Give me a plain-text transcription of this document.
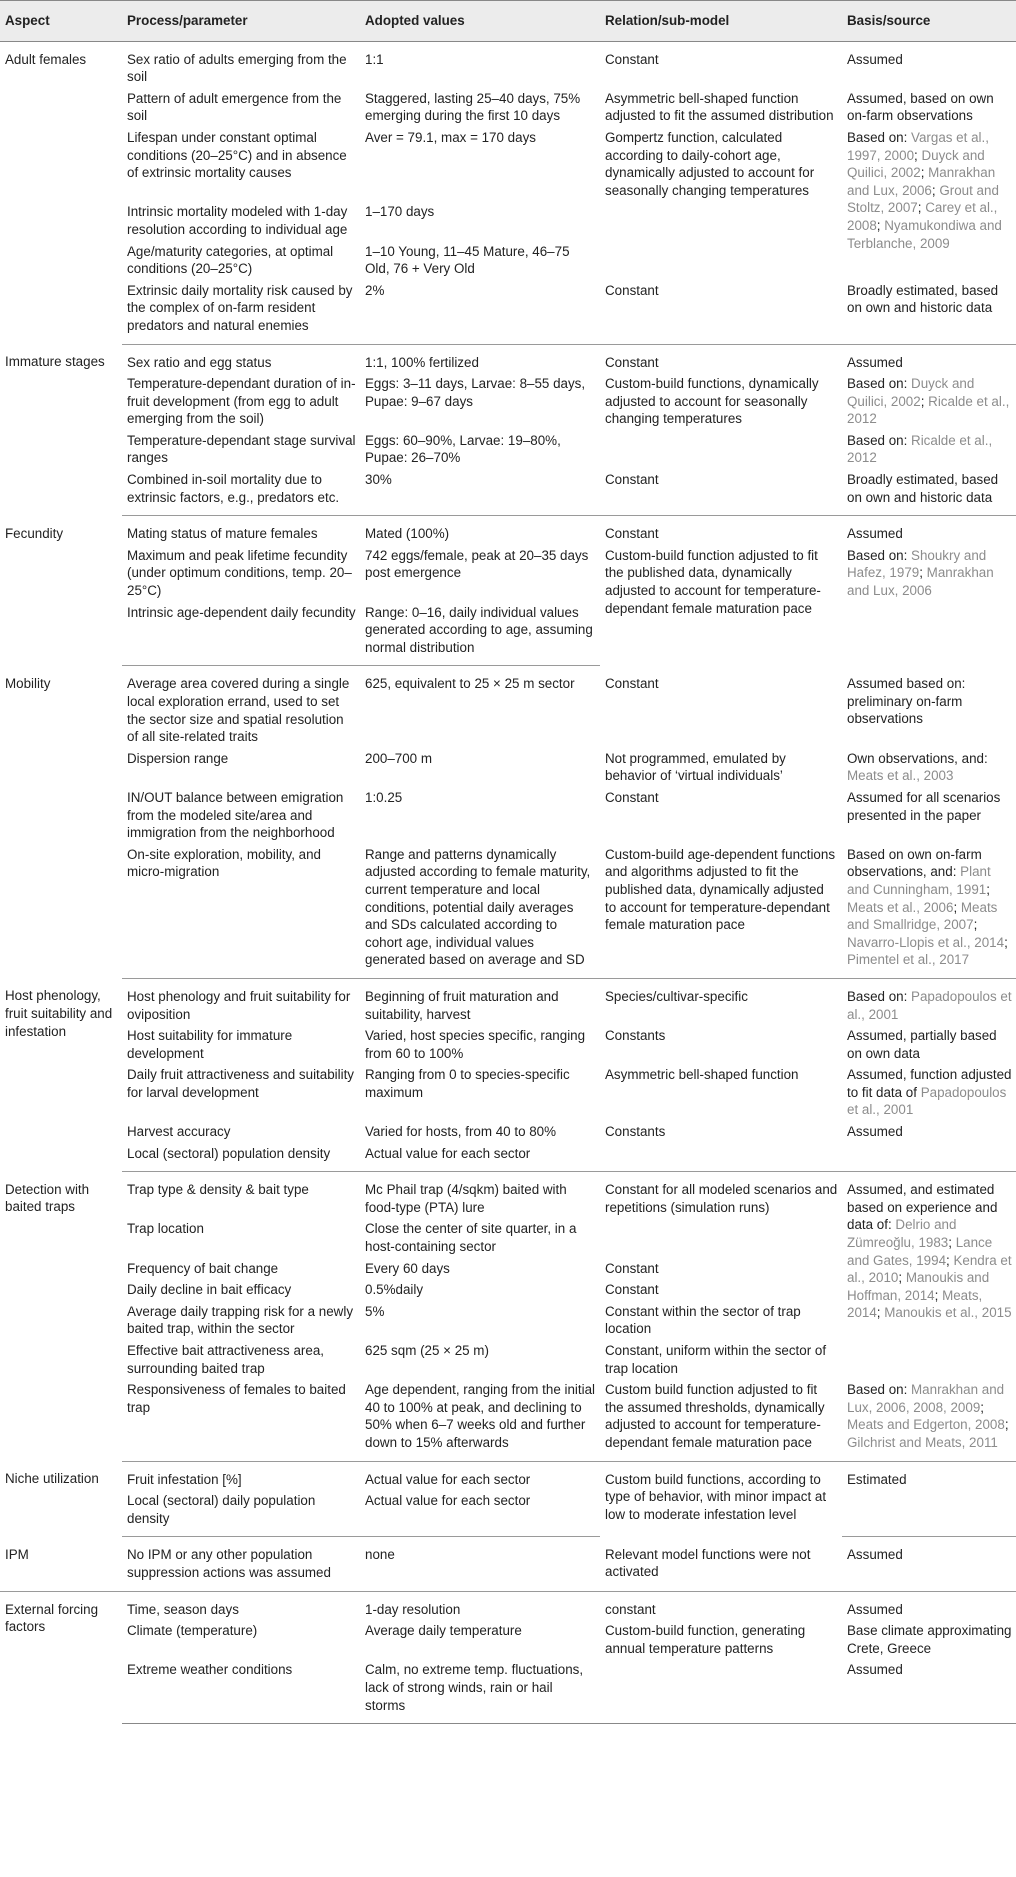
Aspect	Process/parameter	Adopted values	Relation/sub-model	Basis/source
Adult females	Sex ratio of adults emerging from the soil	1:1	Constant	Assumed
	Pattern of adult emergence from the soil	Staggered, lasting 25–40 days, 75% emerging during the first 10 days	Asymmetric bell-shaped function adjusted to fit the assumed distribution	Assumed, based on own on-farm observations
	Lifespan under constant optimal conditions (20–25°C) and in absence of extrinsic mortality causes	Aver = 79.1, max = 170 days	Gompertz function, calculated according to daily-cohort age, dynamically adjusted to account for seasonally changing temperatures	Based on: Vargas et al., 1997, 2000; Duyck and Quilici, 2002; Manrakhan and Lux, 2006; Grout and Stoltz, 2007; Carey et al., 2008; Nyamukondiwa and Terblanche, 2009
	Intrinsic mortality modeled with 1-day resolution according to individual age	1–170 days		
	Age/maturity categories, at optimal conditions (20–25°C)	1–10 Young, 11–45 Mature, 46–75 Old, 76 + Very Old		
	Extrinsic daily mortality risk caused by the complex of on-farm resident predators and natural enemies	2%	Constant	Broadly estimated, based on own and historic data
Immature stages	Sex ratio and egg status	1:1, 100% fertilized	Constant	Assumed
	Temperature-dependant duration of in-fruit development (from egg to adult emerging from the soil)	Eggs: 3–11 days, Larvae: 8–55 days, Pupae: 9–67 days	Custom-build functions, dynamically adjusted to account for seasonally changing temperatures	Based on: Duyck and Quilici, 2002; Ricalde et al., 2012
	Temperature-dependant stage survival ranges	Eggs: 60–90%, Larvae: 19–80%, Pupae: 26–70%		Based on: Ricalde et al., 2012
	Combined in-soil mortality due to extrinsic factors, e.g., predators etc.	30%	Constant	Broadly estimated, based on own and historic data
Fecundity	Mating status of mature females	Mated (100%)	Constant	Assumed
	Maximum and peak lifetime fecundity (under optimum conditions, temp. 20–25°C)	742 eggs/female, peak at 20–35 days post emergence	Custom-build function adjusted to fit the published data, dynamically adjusted to account for temperature-dependant female maturation pace	Based on: Shoukry and Hafez, 1979; Manrakhan and Lux, 2006
	Intrinsic age-dependent daily fecundity	Range: 0–16, daily individual values generated according to age, assuming normal distribution		
Mobility	Average area covered during a single local exploration errand, used to set the sector size and spatial resolution of all site-related traits	625, equivalent to 25 × 25 m sector	Constant	Assumed based on: preliminary on-farm observations
	Dispersion range	200–700 m	Not programmed, emulated by behavior of ‘virtual individuals’	Own observations, and: Meats et al., 2003
	IN/OUT balance between emigration from the modeled site/area and immigration from the neighborhood	1:0.25	Constant	Assumed for all scenarios presented in the paper
	On-site exploration, mobility, and micro-migration	Range and patterns dynamically adjusted according to female maturity, current temperature and local conditions, potential daily averages and SDs calculated according to cohort age, individual values generated based on average and SD	Custom-build age-dependent functions and algorithms adjusted to fit the published data, dynamically adjusted to account for temperature-dependant female maturation pace	Based on own on-farm observations, and: Plant and Cunningham, 1991; Meats et al., 2006; Meats and Smallridge, 2007; Navarro-Llopis et al., 2014; Pimentel et al., 2017
Host phenology, fruit suitability and infestation	Host phenology and fruit suitability for oviposition	Beginning of fruit maturation and suitability, harvest	Species/cultivar-specific	Based on: Papadopoulos et al., 2001
	Host suitability for immature development	Varied, host species specific, ranging from 60 to 100%	Constants	Assumed, partially based on own data
	Daily fruit attractiveness and suitability for larval development	Ranging from 0 to species-specific maximum	Asymmetric bell-shaped function	Assumed, function adjusted to fit data of Papadopoulos et al., 2001
	Harvest accuracy	Varied for hosts, from 40 to 80%	Constants	Assumed
	Local (sectoral) population density	Actual value for each sector		
Detection with baited traps	Trap type & density & bait type	Mc Phail trap (4/sqkm) baited with food-type (PTA) lure	Constant for all modeled scenarios and repetitions (simulation runs)	Assumed, and estimated based on experience and data of: Delrio and Zümreoğlu, 1983; Lance and Gates, 1994; Kendra et al., 2010; Manoukis and Hoffman, 2014; Meats, 2014; Manoukis et al., 2015
	Trap location	Close the center of site quarter, in a host-containing sector		
	Frequency of bait change	Every 60 days	Constant	
	Daily decline in bait efficacy	0.5%daily	Constant	
	Average daily trapping risk for a newly baited trap, within the sector	5%	Constant within the sector of trap location	
	Effective bait attractiveness area, surrounding baited trap	625 sqm (25 × 25 m)	Constant, uniform within the sector of trap location	
	Responsiveness of females to baited trap	Age dependent, ranging from the initial 40 to 100% at peak, and declining to 50% when 6–7 weeks old and further down to 15% afterwards	Custom build function adjusted to fit the assumed thresholds, dynamically adjusted to account for temperature-dependant female maturation pace	Based on: Manrakhan and Lux, 2006, 2008, 2009; Meats and Edgerton, 2008; Gilchrist and Meats, 2011
Niche utilization	Fruit infestation [%]	Actual value for each sector	Custom build functions, according to type of behavior, with minor impact at low to moderate infestation level	Estimated
	Local (sectoral) daily population density	Actual value for each sector		
IPM	No IPM or any other population suppression actions was assumed	none	Relevant model functions were not activated	Assumed
External forcing factors	Time, season days	1-day resolution	constant	Assumed
	Climate (temperature)	Average daily temperature	Custom-build function, generating annual temperature patterns	Base climate approximating Crete, Greece
	Extreme weather conditions	Calm, no extreme temp. fluctuations, lack of strong winds, rain or hail storms		Assumed
